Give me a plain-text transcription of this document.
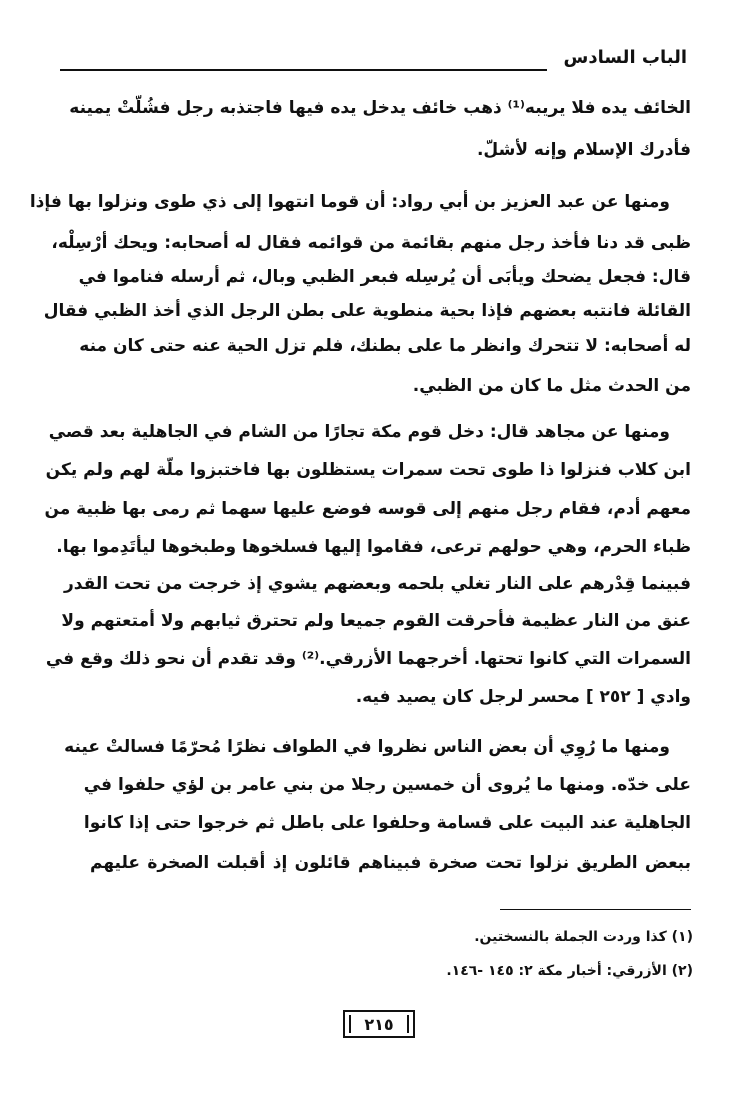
الباب السادس
الخائف يده فلا يريبه⁽¹⁾ ذهب خائف يدخل يده فيها فاجتذبه رجل فشُلّتْ يمينه
فأدرك الإسلام وإنه لأشلّ.
ومنها عن عبد العزيز بن أبي رواد: أن قوما انتهوا إلى ذي طوى ونزلوا بها فإذا
ظبى قد دنا فأخذ رجل منهم بقائمة من قوائمه فقال له أصحابه: ويحك أرْسِلْه،
قال: فجعل يضحك ويأبَى أن يُرسِله فبعر الظبي وبال، ثم أرسله فناموا في
القائلة فانتبه بعضهم فإذا بحية منطوية على بطن الرجل الذي أخذ الظبي فقال
له أصحابه: لا تتحرك وانظر ما على بطنك، فلم تزل الحية عنه حتى كان منه
من الحدث مثل ما كان من الظبي.
ومنها عن مجاهد قال: دخل قوم مكة تجارًا من الشام في الجاهلية بعد قصي
ابن كلاب فنزلوا ذا طوى تحت سمرات يستظلون بها فاختبزوا ملّة لهم ولم يكن
معهم أدم، فقام رجل منهم إلى قوسه فوضع عليها سهما ثم رمى بها ظبية من
ظباء الحرم، وهي حولهم ترعى، فقاموا إليها فسلخوها وطبخوها ليأتَدِموا بها.
فبينما قِدْرهم على النار تغلي بلحمه وبعضهم يشوي إذ خرجت من تحت القدر
عنق من النار عظيمة فأحرقت القوم جميعا ولم تحترق ثيابهم ولا أمتعتهم ولا
السمرات التي كانوا تحتها. أخرجهما الأزرقي.⁽²⁾ وقد تقدم أن نحو ذلك وقع في
وادي [ ٢٥٢ ] محسر لرجل كان يصيد فيه.
ومنها ما رُوِي أن بعض الناس نظروا في الطواف نظرًا مُحرّمًا فسالتْ عينه
على خدّه. ومنها ما يُروى أن خمسين رجلا من بني عامر بن لؤي حلفوا في
الجاهلية عند البيت على قسامة وحلفوا على باطل ثم خرجوا حتى إذا كانوا
ببعض الطريق نزلوا تحت صخرة فبيناهم قائلون إذ أقبلت الصخرة عليهم
(١) كذا وردت الجملة بالنسختين.
(٢) الأزرقي: أخبار مكة ٢: ١٤٥ -١٤٦.
٢١٥
